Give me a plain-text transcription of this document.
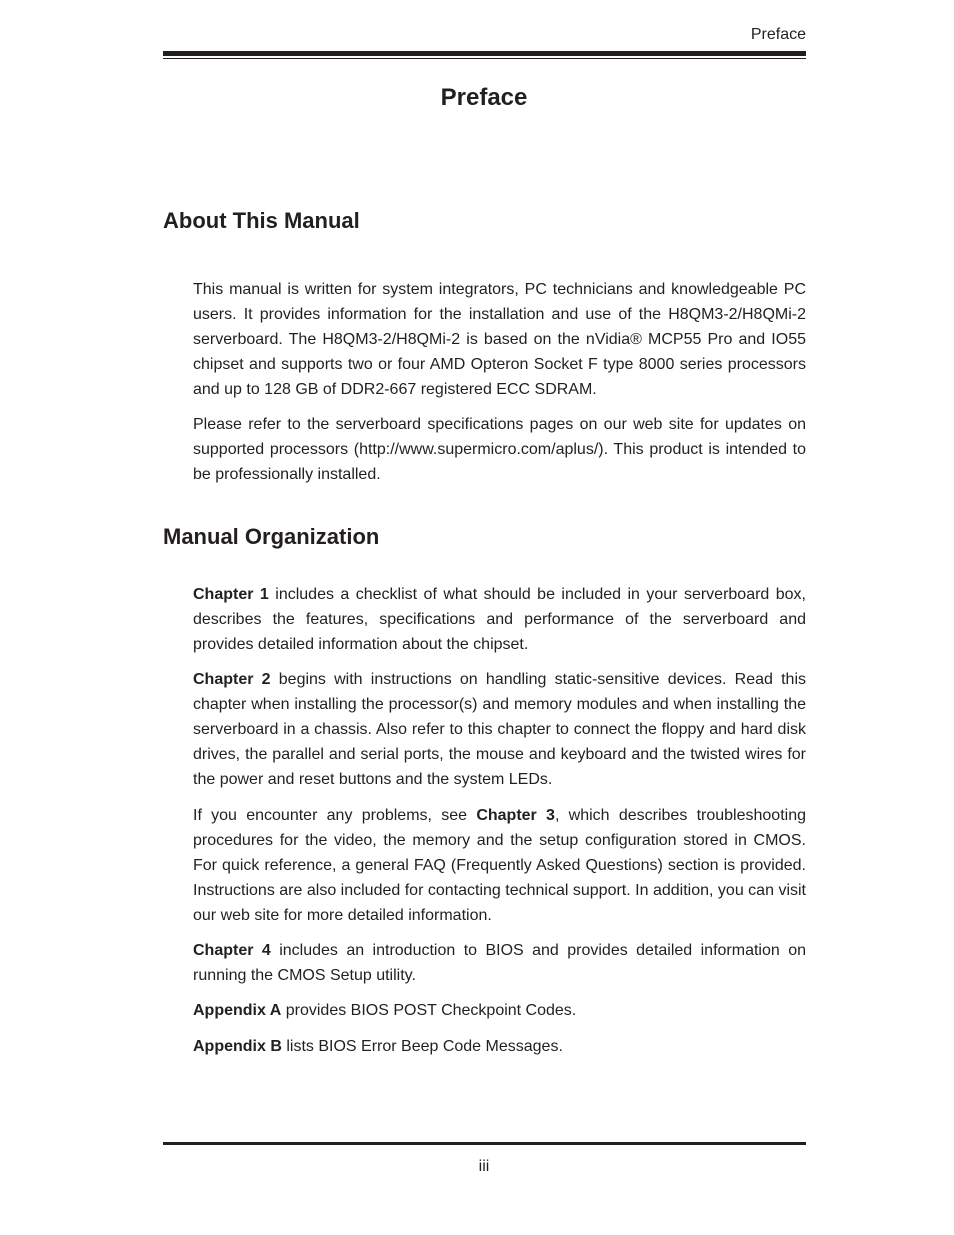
Preface
Preface
About This Manual

This manual is written for system integrators, PC technicians and knowledgeable PC users. It provides information for the installation and use of the H8QM3-2/H8QMi-2 serverboard. The H8QM3-2/H8QMi-2 is based on the nVidia® MCP55 Pro and IO55 chipset and supports two or four AMD Opteron Socket F type 8000 series processors and up to 128 GB of DDR2-667 registered ECC SDRAM.

Please refer to the serverboard specifications pages on our web site for updates on supported processors (http://www.supermicro.com/aplus/). This product is intended to be professionally installed.

Manual Organization

Chapter 1 includes a checklist of what should be included in your serverboard box, describes the features, specifications and performance of the serverboard and provides detailed information about the chipset.

Chapter 2 begins with instructions on handling static-sensitive devices. Read this chapter when installing the processor(s) and memory modules and when installing the serverboard in a chassis. Also refer to this chapter to connect the floppy and hard disk drives, the parallel and serial ports, the mouse and keyboard and the twisted wires for the power and reset buttons and the system LEDs.

If you encounter any problems, see Chapter 3, which describes troubleshooting procedures for the video, the memory and the setup configuration stored in CMOS. For quick reference, a general FAQ (Frequently Asked Questions) section is provided. Instructions are also included for contacting technical support. In addition, you can visit our web site for more detailed information.

Chapter 4 includes an introduction to BIOS and provides detailed information on running the CMOS Setup utility.

Appendix A provides BIOS POST Checkpoint Codes.

Appendix B lists BIOS Error Beep Code Messages.

iii
